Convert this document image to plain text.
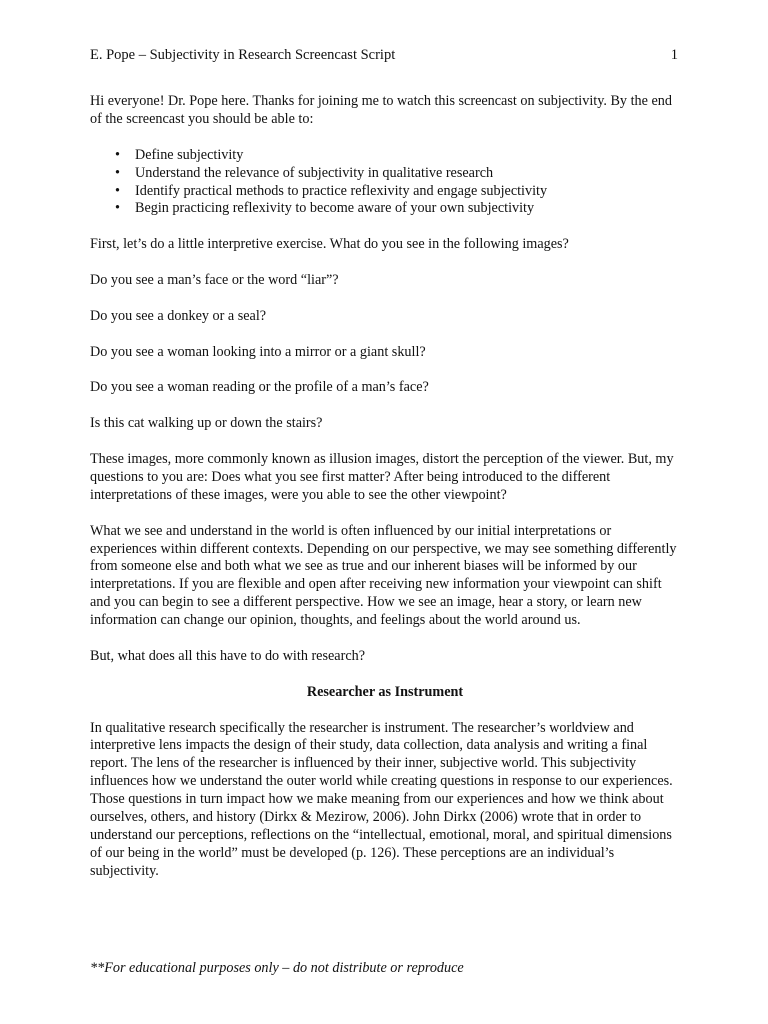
E. Pope – Subjectivity in Research Screencast Script	1

Hi everyone! Dr. Pope here. Thanks for joining me to watch this screencast on subjectivity. By the end of the screencast you should be able to:

• Define subjectivity
• Understand the relevance of subjectivity in qualitative research
• Identify practical methods to practice reflexivity and engage subjectivity
• Begin practicing reflexivity to become aware of your own subjectivity

First, let’s do a little interpretive exercise. What do you see in the following images?

Do you see a man’s face or the word “liar”?

Do you see a donkey or a seal?

Do you see a woman looking into a mirror or a giant skull?

Do you see a woman reading or the profile of a man’s face?

Is this cat walking up or down the stairs?

These images, more commonly known as illusion images, distort the perception of the viewer. But, my questions to you are: Does what you see first matter? After being introduced to the different interpretations of these images, were you able to see the other viewpoint?

What we see and understand in the world is often influenced by our initial interpretations or experiences within different contexts. Depending on our perspective, we may see something differently from someone else and both what we see as true and our inherent biases will be informed by our interpretations. If you are flexible and open after receiving new information your viewpoint can shift and you can begin to see a different perspective. How we see an image, hear a story, or learn new information can change our opinion, thoughts, and feelings about the world around us.

But, what does all this have to do with research?

Researcher as Instrument

In qualitative research specifically the researcher is instrument. The researcher’s worldview and interpretive lens impacts the design of their study, data collection, data analysis and writing a final report. The lens of the researcher is influenced by their inner, subjective world. This subjectivity influences how we understand the outer world while creating questions in response to our experiences. Those questions in turn impact how we make meaning from our experiences and how we think about ourselves, others, and history (Dirkx & Mezirow, 2006). John Dirkx (2006) wrote that in order to understand our perceptions, reflections on the “intellectual, emotional, moral, and spiritual dimensions of our being in the world” must be developed (p. 126). These perceptions are an individual’s subjectivity.

**For educational purposes only – do not distribute or reproduce
